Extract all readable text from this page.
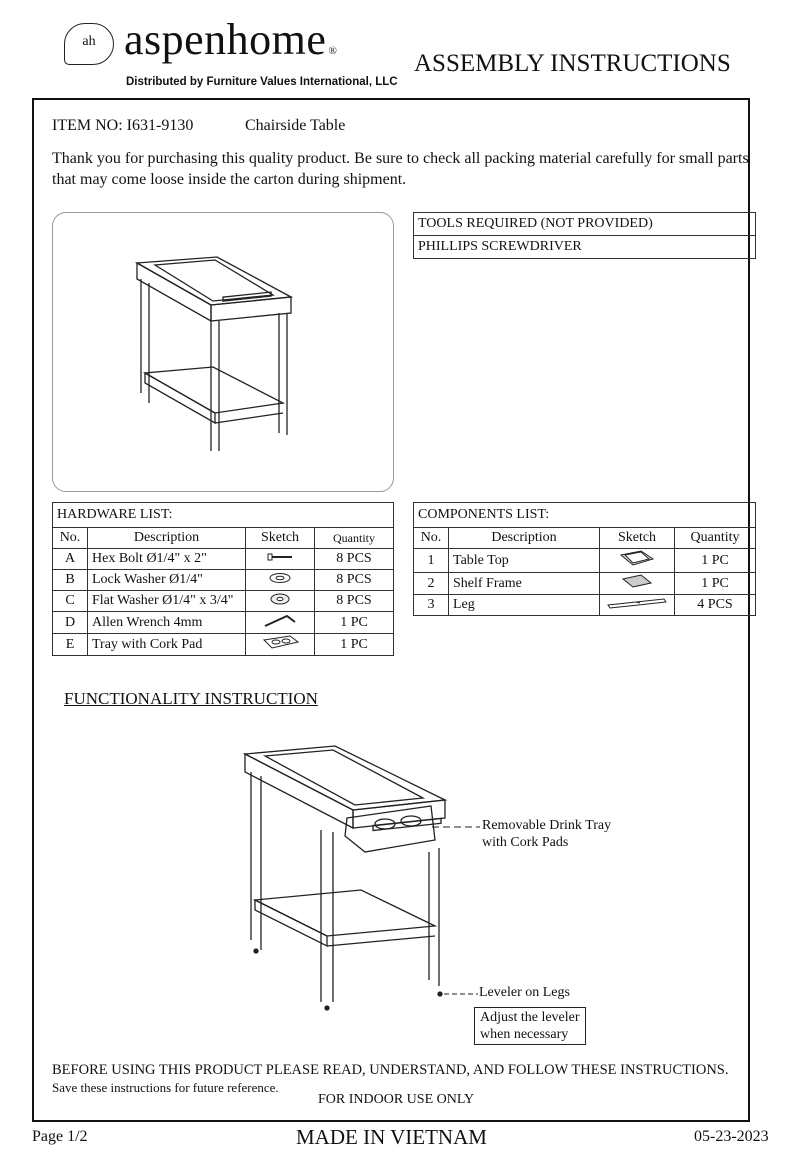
ah aspenhome ®
Distributed by Furniture Values International, LLC
ASSEMBLY INSTRUCTIONS
ITEM NO: I631-9130	Chairside Table
Thank you for purchasing this quality product. Be sure to check all packing material carefully for small parts that may come loose inside the carton during shipment.
TOOLS REQUIRED (NOT PROVIDED)
PHILLIPS SCREWDRIVER
HARDWARE LIST:			
No.	Description	Sketch	Quantity
A	Hex Bolt Ø1/4" x 2"		8 PCS
B	Lock Washer Ø1/4"		8 PCS
C	Flat Washer Ø1/4" x 3/4"		8 PCS
D	Allen Wrench 4mm		1 PC
E	Tray with Cork Pad		1 PC
COMPONENTS LIST:			
No.	Description	Sketch	Quantity
1	Table Top		1 PC
2	Shelf Frame		1 PC
3	Leg		4 PCS
FUNCTIONALITY INSTRUCTION
Removable Drink Tray
with Cork Pads
Leveler on Legs
Adjust the leveler
when necessary
BEFORE USING THIS PRODUCT PLEASE READ, UNDERSTAND, AND FOLLOW THESE INSTRUCTIONS.
Save these instructions for future reference.
FOR INDOOR USE ONLY
Page 1/2	MADE IN VIETNAM	05-23-2023
